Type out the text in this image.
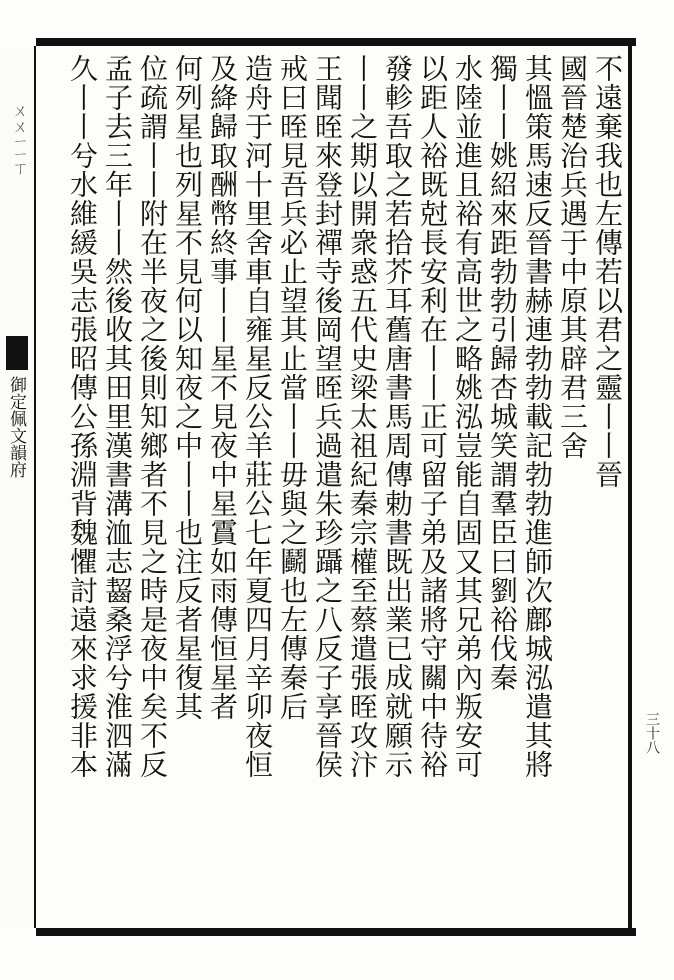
ㄨㄨㄧㄧㄒ
御定佩文韻府
三十八
不遠棄我也左傳若以君之靈丨丨晉
國晉楚治兵遇于中原其辟君三舍
其慍策馬速反晉書赫連勃勃載記勃勃進師次鄜城泓遣其將
獨丨丨姚紹來距勃勃引歸杏城笑謂羣臣曰劉裕伐秦
水陸並進且裕有高世之略姚泓豈能自固又其兄弟內叛安可
以距人裕既尅長安利在丨丨正可留子弟及諸將守關中待裕
發軫吾取之若拾芥耳舊唐書馬周傳勅書既出業已成就願示
丨丨之期以開衆惑五代史梁太祖紀秦宗權至蔡遣張晊攻汴
王聞晊來登封禪寺後岡望晊兵過遣朱珍躡之八反子享晉侯
戒曰晊見吾兵必止望其止當丨丨毋與之鬬也左傳秦后
造舟于河十里舍車自雍星反公羊莊公七年夏四月辛卯夜恒
及絳歸取酬幣終事丨丨星不見夜中星霣如雨傳恒星者
何列星也列星不見何以知夜之中丨丨也注反者星復其
位疏謂丨丨附在半夜之後則知鄉者不見之時是夜中矣不反
孟子去三年丨丨然後收其田里漢書溝洫志齧桑浮兮淮泗滿
久丨丨兮水維緩吳志張昭傳公孫淵背魏懼討遠來求援非本
